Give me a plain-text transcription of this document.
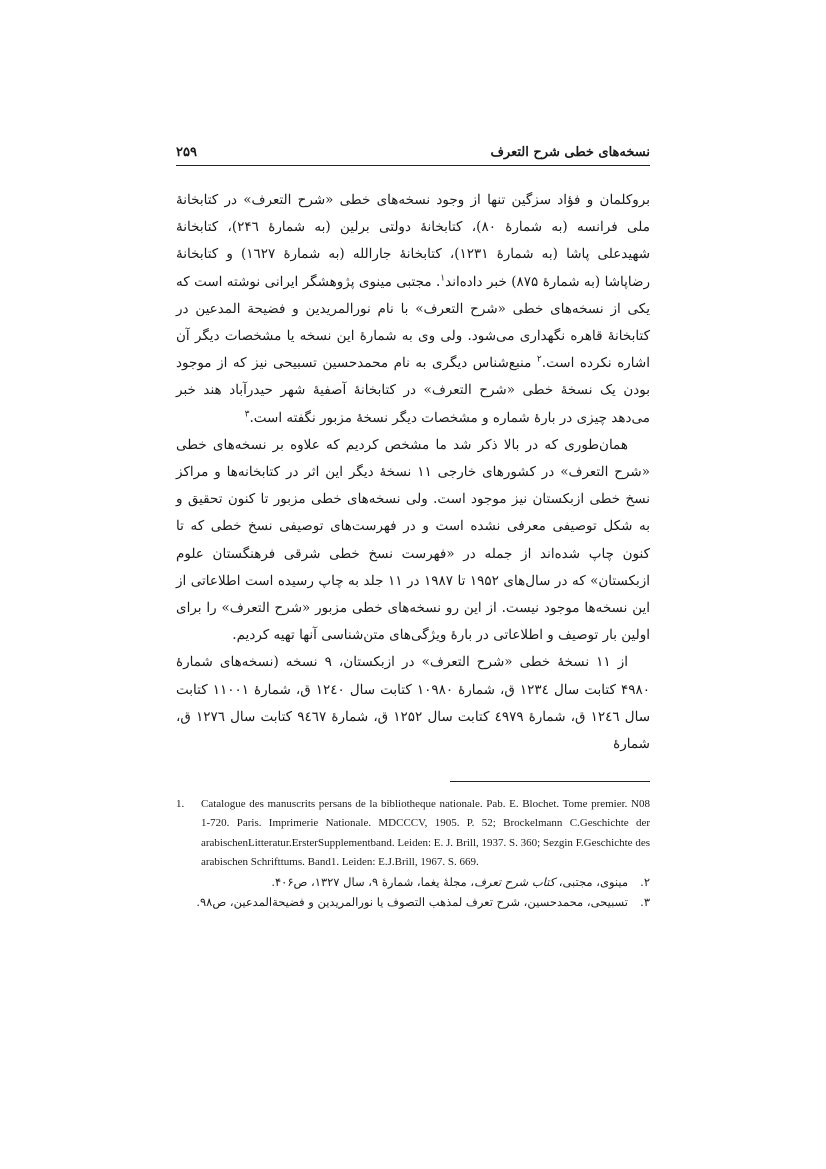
نسخه‌های خطی شرح التعرف
۲۵۹

بروکلمان و فؤاد سزگین تنها از وجود نسخه‌های خطی «شرح التعرف» در کتابخانهٔ ملی فرانسه (به شمارهٔ ۸۰)، کتابخانهٔ دولتی برلین (به شمارهٔ ۲۴٦)، کتابخانهٔ شهیدعلی پاشا (به شمارهٔ ۱۲۳۱)، کتابخانهٔ جارالله (به شمارهٔ ۱٦۲۷) و کتابخانهٔ رضاپاشا (به شمارهٔ ۸۷۵) خبر داده‌اند$^۱$. مجتبی مینوی پژوهشگر ایرانی نوشته است که یکی از نسخه‌های خطی «شرح التعرف» با نام نورالمریدین و فضیحة المدعین در کتابخانهٔ قاهره نگهداری می‌شود. ولی وی به شمارهٔ این نسخه یا مشخصات دیگر آن اشاره نکرده است.$^۲$ منبع‌شناس دیگری به نام محمدحسین تسبیحی نیز که از موجود بودن یک نسخهٔ خطی «شرح التعرف» در کتابخانهٔ آصفیهٔ شهر حیدرآباد هند خبر می‌دهد چیزی در بارهٔ شماره و مشخصات دیگر نسخهٔ مزبور نگفته است.$^۳$

همان‌طوری که در بالا ذکر شد ما مشخص کردیم که علاوه بر نسخه‌های خطی «شرح التعرف» در کشورهای خارجی ۱۱ نسخهٔ دیگر این اثر در کتابخانه‌ها و مراکز نسخ خطی ازبکستان نیز موجود است. ولی نسخه‌های خطی مزبور تا کنون تحقیق و به شکل توصیفی معرفی نشده است و در فهرست‌های توصیفی نسخ خطی که تا کنون چاپ شده‌اند از جمله در «فهرست نسخ خطی شرقی فرهنگستان علوم ازبکستان» که در سال‌های ۱۹۵۲ تا ۱۹۸۷ در ۱۱ جلد به چاپ رسیده است اطلاعاتی از این نسخه‌ها موجود نیست. از این رو نسخه‌های خطی مزبور «شرح التعرف» را برای اولین بار توصیف و اطلاعاتی در بارهٔ ویژگی‌های متن‌شناسی آنها تهیه کردیم.

از ۱۱ نسخهٔ خطی «شرح التعرف» در ازبکستان، ۹ نسخه (نسخه‌های شمارهٔ ۴۹۸۰ کتابت سال ۱۲۳٤ ق، شمارهٔ ۱۰۹۸۰ کتابت سال ۱۲٤۰ ق، شمارهٔ ۱۱۰۰۱ کتابت سال ۱۲٤٦ ق، شمارهٔ ٤۹۷۹ کتابت سال ۱۲۵۲ ق، شمارهٔ ۹٤٦۷ کتابت سال ۱۲۷٦ ق، شمارهٔ

1. Catalogue des manuscrits persans de la bibliotheque nationale. Pab. E. Blochet. Tome premier. N08 1-720. Paris. Imprimerie Nationale. MDCCCV, 1905. P. 52; Brockelmann C.Geschichte der arabischenLitteratur.ErsterSupplementband. Leiden: E. J. Brill, 1937. S. 360; Sezgin F.Geschichte des arabischen Schrifttums. Band1. Leiden: E.J.Brill, 1967. S. 669.
۲.مینوی، مجتبی، کتاب شرح تعرف، مجلهٔ یغما، شمارهٔ ۹، سال ۱۳۲۷، ص۴۰۶.
۳.تسبیحی، محمدحسین، شرح تعرف لمذهب التصوف یا نورالمریدین و فضیحةالمدعین، ص۹۸.
